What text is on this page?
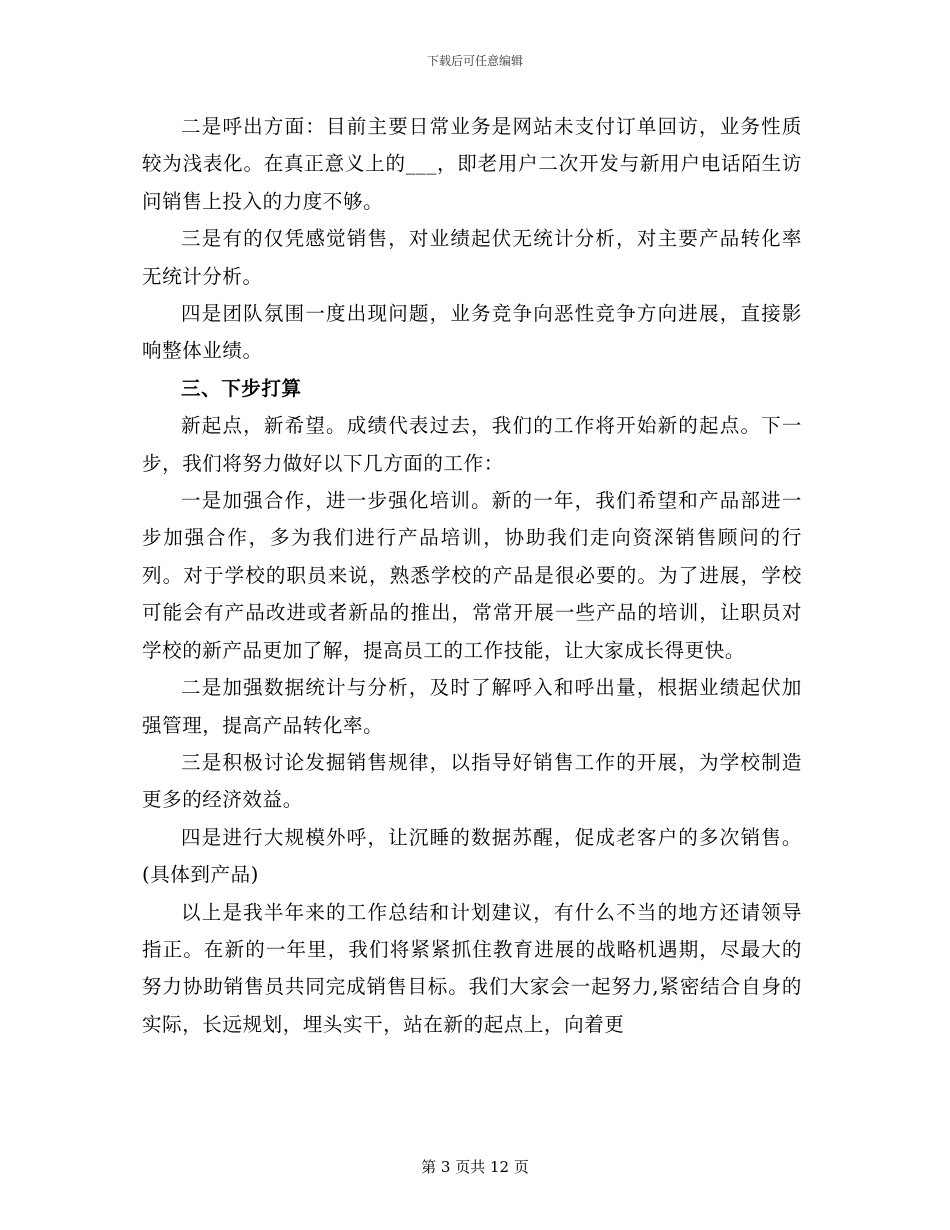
下载后可任意编辑

二是呼出方面：目前主要日常业务是网站未支付订单回访，业务性质较为浅表化。在真正意义上的___，即老用户二次开发与新用户电话陌生访问销售上投入的力度不够。

三是有的仅凭感觉销售，对业绩起伏无统计分析，对主要产品转化率无统计分析。

四是团队氛围一度出现问题，业务竞争向恶性竞争方向进展，直接影响整体业绩。

三、下步打算

新起点，新希望。成绩代表过去，我们的工作将开始新的起点。下一步，我们将努力做好以下几方面的工作：

一是加强合作，进一步强化培训。新的一年，我们希望和产品部进一步加强合作，多为我们进行产品培训，协助我们走向资深销售顾问的行列。对于学校的职员来说，熟悉学校的产品是很必要的。为了进展，学校可能会有产品改进或者新品的推出，常常开展一些产品的培训，让职员对学校的新产品更加了解，提高员工的工作技能，让大家成长得更快。

二是加强数据统计与分析，及时了解呼入和呼出量，根据业绩起伏加强管理，提高产品转化率。

三是积极讨论发掘销售规律，以指导好销售工作的开展，为学校制造更多的经济效益。

四是进行大规模外呼，让沉睡的数据苏醒，促成老客户的多次销售。(具体到产品)

以上是我半年来的工作总结和计划建议，有什么不当的地方还请领导指正。在新的一年里，我们将紧紧抓住教育进展的战略机遇期，尽最大的努力协助销售员共同完成销售目标。我们大家会一起努力,紧密结合自身的实际，长远规划，埋头实干，站在新的起点上，向着更

第 3 页共 12 页
